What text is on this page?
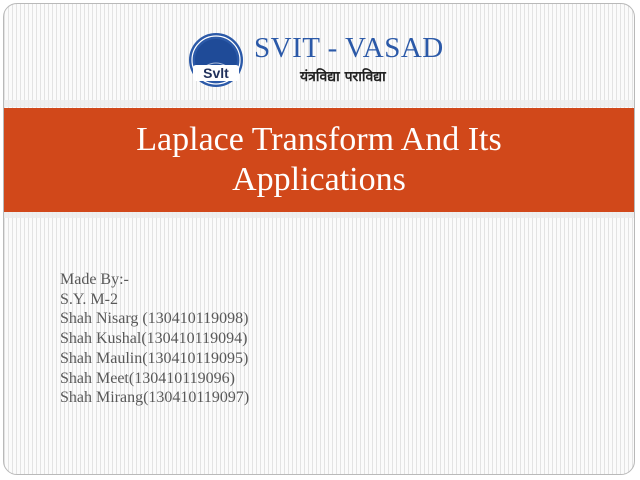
Svlt
SVIT - VASAD
यंत्रविद्या पराविद्या
Laplace Transform And Its Applications
Made By:-
S.Y. M-2
Shah Nisarg (130410119098)
Shah Kushal(130410119094)
Shah Maulin(130410119095)
Shah Meet(130410119096)
Shah Mirang(130410119097)
